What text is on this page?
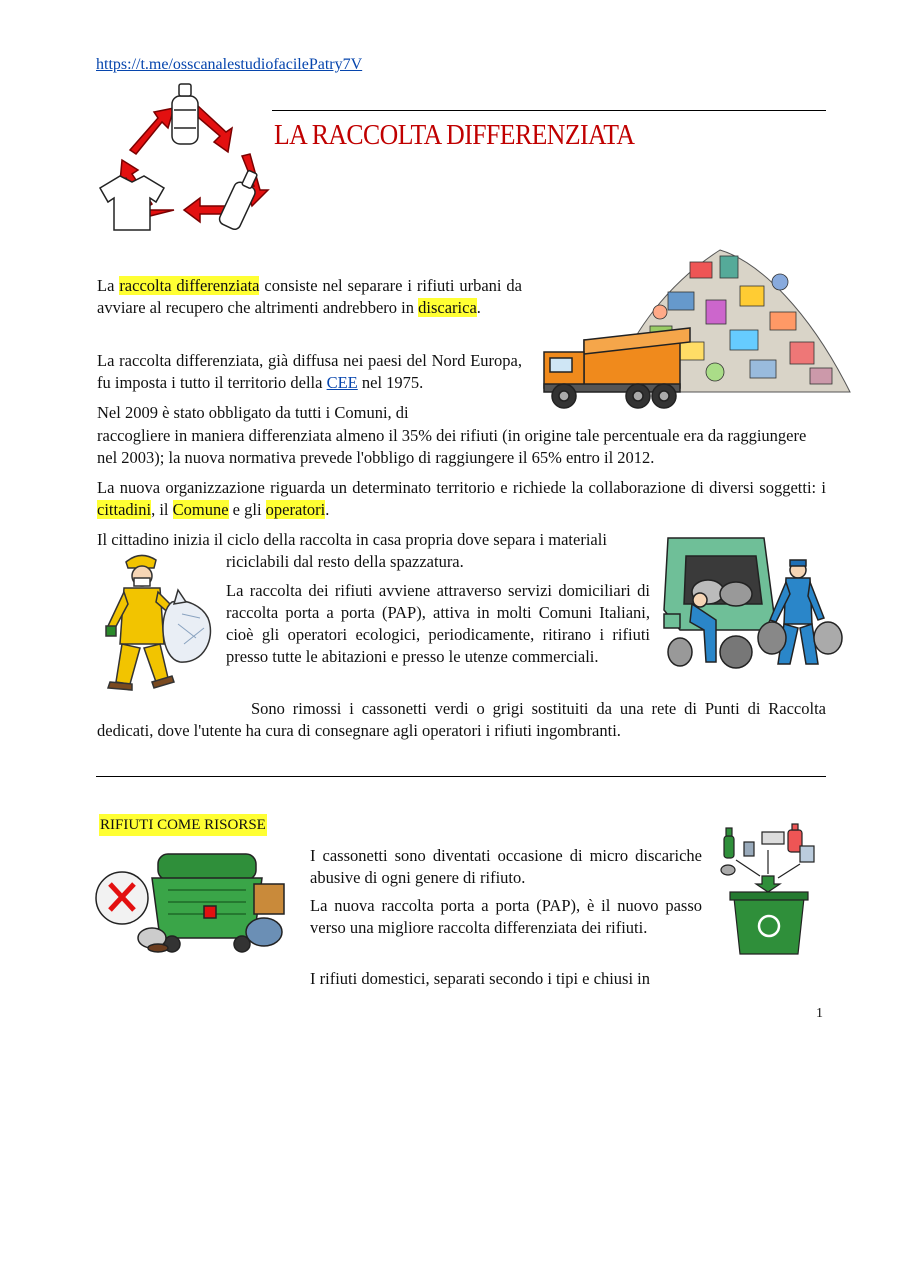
https://t.me/osscanalestudiofacilePatry7V
LA RACCOLTA DIFFERENZIATA

La raccolta differenziata consiste nel separare i rifiuti urbani da avviare al recupero che altrimenti andrebbero in discarica.

La raccolta differenziata, già diffusa nei paesi del Nord Europa, fu imposta i tutto il territorio della CEE nel 1975.

Nel 2009 è stato obbligato da tutti i Comuni, di

raccogliere in maniera differenziata almeno il 35% dei rifiuti (in origine tale percentuale era da raggiungere nel 2003); la nuova normativa prevede l'obbligo di raggiungere il 65% entro il 2012.

La nuova organizzazione riguarda un determinato territorio e richiede la collaborazione di diversi soggetti: i cittadini, il Comune e gli operatori.

Il cittadino inizia il ciclo della raccolta in casa propria dove separa i materiali

riciclabili dal resto della spazzatura.

La raccolta dei rifiuti avviene attraverso servizi domiciliari di raccolta porta a porta (PAP), attiva in molti Comuni Italiani, cioè gli operatori ecologici, periodicamente, ritirano i rifiuti presso tutte le abitazioni e presso le utenze commerciali.

Sono rimossi i cassonetti verdi o grigi sostituiti da una rete di Punti di Raccolta dedicati, dove l'utente ha cura di consegnare agli operatori i rifiuti ingombranti.

RIFIUTI COME RISORSE

I cassonetti sono diventati occasione di micro discariche abusive di ogni genere di rifiuto.

La nuova raccolta porta a porta (PAP), è il nuovo passo verso una migliore raccolta differenziata dei rifiuti.

I rifiuti domestici, separati secondo i tipi e chiusi in

1
